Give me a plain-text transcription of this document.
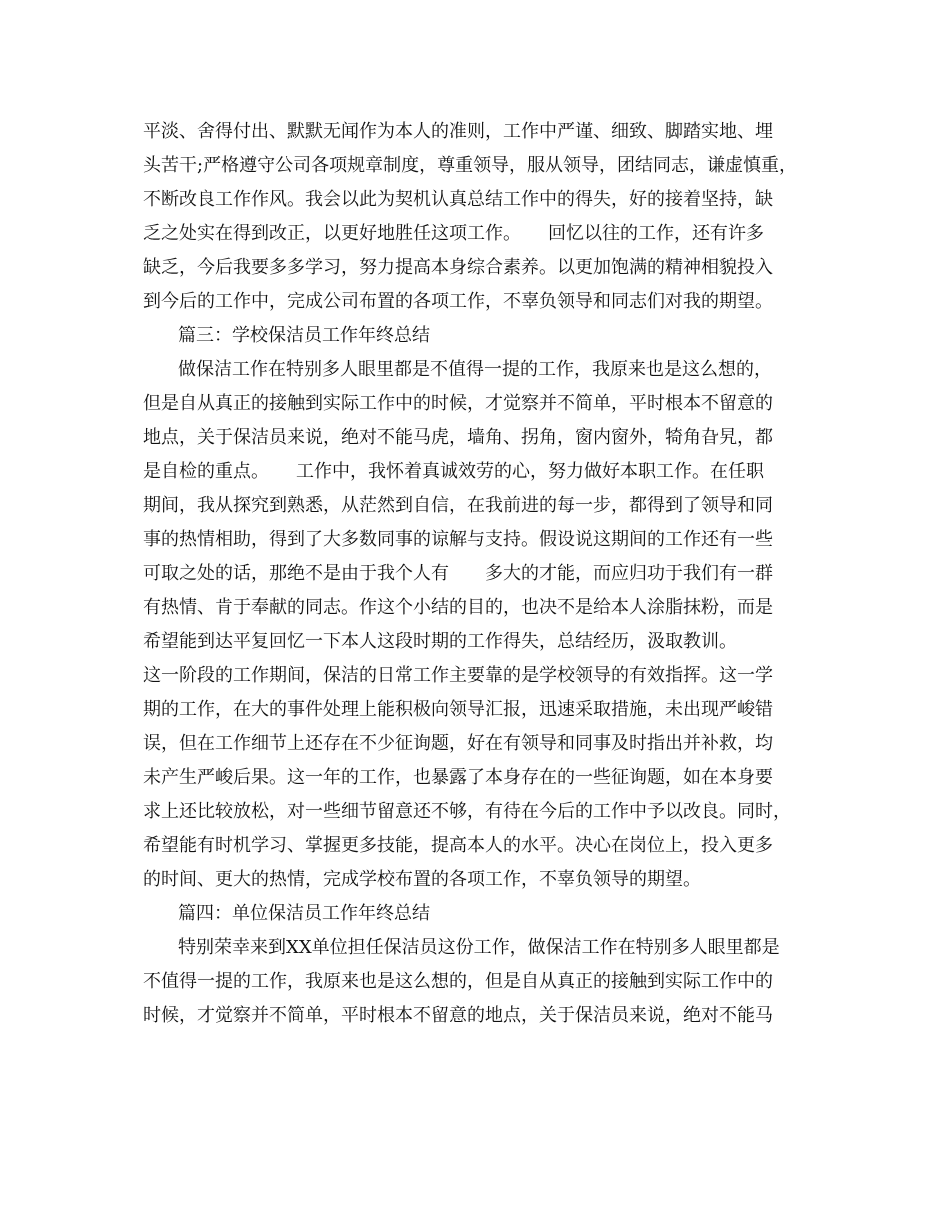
平淡、舍得付出、默默无闻作为本人的准则，工作中严谨、细致、脚踏实地、埋
头苦干;严格遵守公司各项规章制度，尊重领导，服从领导，团结同志，谦虚慎重，
不断改良工作作风。我会以此为契机认真总结工作中的得失，好的接着坚持，缺
乏之处实在得到改正，以更好地胜任这项工作。　　回忆以往的工作，还有许多
缺乏，今后我要多多学习，努力提高本身综合素养。以更加饱满的精神相貌投入
到今后的工作中，完成公司布置的各项工作，不辜负领导和同志们对我的期望。
篇三：学校保洁员工作年终总结
做保洁工作在特别多人眼里都是不值得一提的工作，我原来也是这么想的，
但是自从真正的接触到实际工作中的时候，才觉察并不简单，平时根本不留意的
地点，关于保洁员来说，绝对不能马虎，墙角、拐角，窗内窗外，犄角旮旯，都
是自检的重点。　　工作中，我怀着真诚效劳的心，努力做好本职工作。在任职
期间，我从探究到熟悉，从茫然到自信，在我前进的每一步，都得到了领导和同
事的热情相助，得到了大多数同事的谅解与支持。假设说这期间的工作还有一些
可取之处的话，那绝不是由于我个人有　　多大的才能，而应归功于我们有一群
有热情、肯于奉献的同志。作这个小结的目的，也决不是给本人涂脂抹粉，而是
希望能到达平复回忆一下本人这段时期的工作得失，总结经历，汲取教训。
这一阶段的工作期间，保洁的日常工作主要靠的是学校领导的有效指挥。这一学
期的工作，在大的事件处理上能积极向领导汇报，迅速采取措施，未出现严峻错
误，但在工作细节上还存在不少征询题，好在有领导和同事及时指出并补救，均
未产生严峻后果。这一年的工作，也暴露了本身存在的一些征询题，如在本身要
求上还比较放松，对一些细节留意还不够，有待在今后的工作中予以改良。同时，
希望能有时机学习、掌握更多技能，提高本人的水平。决心在岗位上，投入更多
的时间、更大的热情，完成学校布置的各项工作，不辜负领导的期望。
篇四：单位保洁员工作年终总结
特别荣幸来到XX单位担任保洁员这份工作，做保洁工作在特别多人眼里都是
不值得一提的工作，我原来也是这么想的，但是自从真正的接触到实际工作中的
时候，才觉察并不简单，平时根本不留意的地点，关于保洁员来说，绝对不能马
